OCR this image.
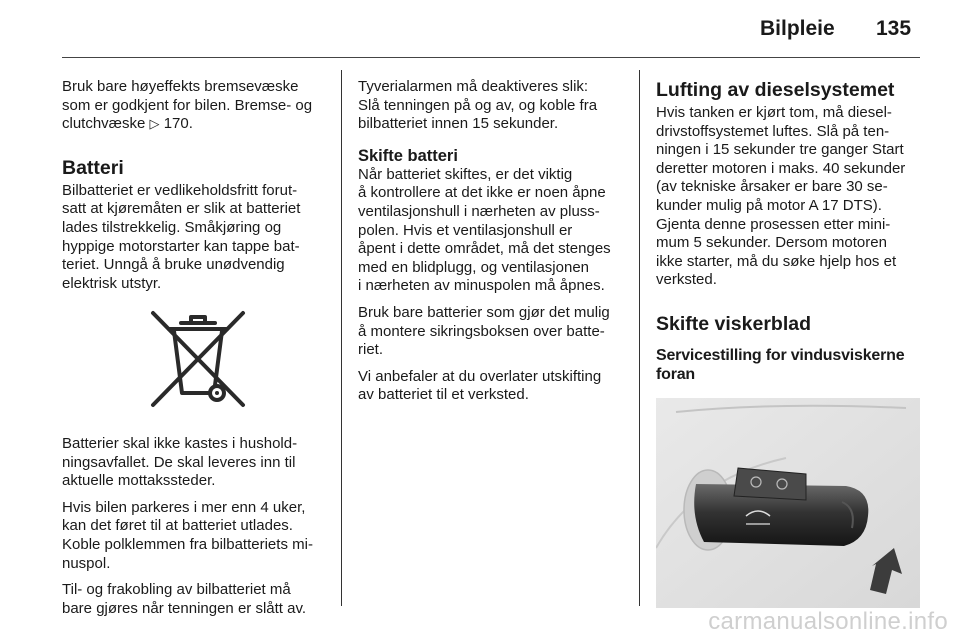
Bilpleie 135

Bruk bare høyeffekts bremsevæske
som er godkjent for bilen. Bremse- og
clutchvæske ▷ 170.

Batteri

Bilbatteriet er vedlikeholdsfritt forut-
satt at kjøremåten er slik at batteriet
lades tilstrekkelig. Småkjøring og
hyppige motorstarter kan tappe bat-
teriet. Unngå å bruke unødvendig
elektrisk utstyr.

Batterier skal ikke kastes i hushold-
ningsavfallet. De skal leveres inn til
aktuelle mottakssteder.

Hvis bilen parkeres i mer enn 4 uker,
kan det føret til at batteriet utlades.
Koble polklemmen fra bilbatteriets mi-
nuspol.

Til- og frakobling av bilbatteriet må
bare gjøres når tenningen er slått av.

Tyverialarmen må deaktiveres slik:
Slå tenningen på og av, og koble fra
bilbatteriet innen 15 sekunder.

Skifte batteri

Når batteriet skiftes, er det viktig
å kontrollere at det ikke er noen åpne
ventilasjonshull i nærheten av pluss-
polen. Hvis et ventilasjonshull er
åpent i dette området, må det stenges
med en blidplugg, og ventilasjonen
i nærheten av minuspolen må åpnes.

Bruk bare batterier som gjør det mulig
å montere sikringsboksen over batte-
riet.

Vi anbefaler at du overlater utskifting
av batteriet til et verksted.

Lufting av dieselsystemet

Hvis tanken er kjørt tom, må diesel-
drivstoffsystemet luftes. Slå på ten-
ningen i 15 sekunder tre ganger Start
deretter motoren i maks. 40 sekunder
(av tekniske årsaker er bare 30 se-
kunder mulig på motor A 17 DTS).
Gjenta denne prosessen etter mini-
mum 5 sekunder. Dersom motoren
ikke starter, må du søke hjelp hos et
verksted.

Skifte viskerblad
Servicestilling for vindusviskerne
foran
carmanualsonline.info
